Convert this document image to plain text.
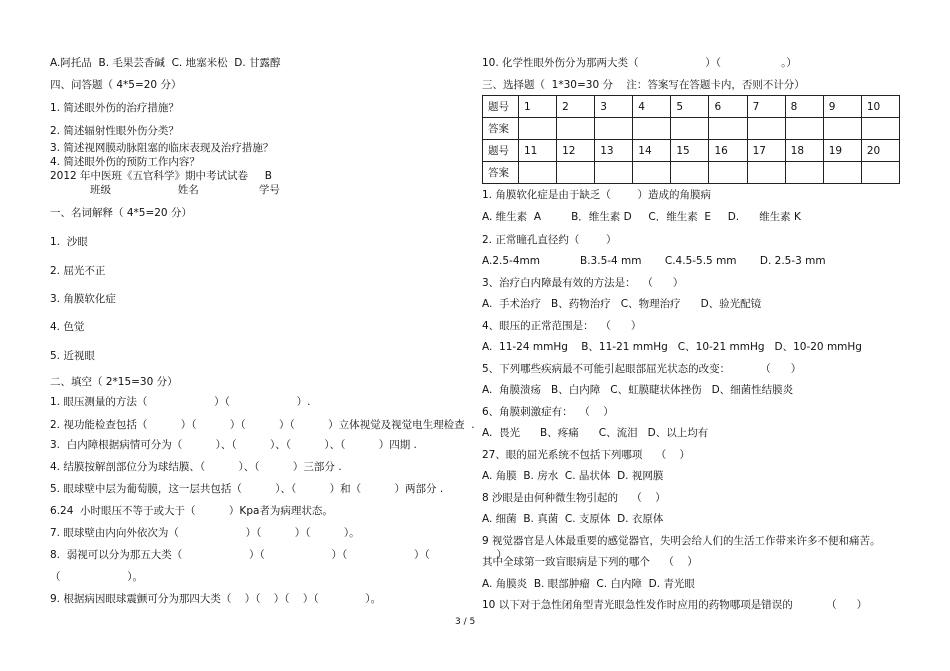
A.阿托品  B. 毛果芸香碱  C. 地塞米松  D. 甘露醇
四、问答题（ 4*5=20 分）
1. 简述眼外伤的治疗措施？
2. 简述辐射性眼外伤分类？
3. 简述视网膜动脉阻塞的临床表现及治疗措施？
4. 简述眼外伤的预防工作内容？
2012 年中医班《五官科学》期中考试试卷     B
班级                    姓名                  学号
一、名词解释（ 4*5=20 分）
1.  沙眼
2. 屈光不正
3. 角膜软化症
4. 色觉
5. 近视眼
二、填空（ 2*15=30 分）
1. 眼压测量的方法（                    ）（                    ）.
2. 视功能检查包括（          ）（          ）（          ）（          ）立体视觉及视觉电生理检查  .
3.  白内障根据病情可分为（          ）、（          ）、（          ）、（          ）四期 .
4. 结膜按解剖部位分为球结膜、（          ）、（          ）三部分 .
5. 眼球壁中层为葡萄膜，这一层共包括（          ）、（          ）和（          ）两部分 .
6.24  小时眼压不等于或大于（          ）Kpa者为病理状态。
7. 眼球壁由内向外依次为（                    ）（          ）（          ）。
8.  弱视可以分为那五大类（                    ）（                    ）（                    ）（                    ）
（                    ）。
9. 根据病因眼球震颤可分为那四大类（    ）（    ）（    ）（              ）。
10. 化学性眼外伤分为那两大类（                    ）（                  。）
三、选择题（  1*30=30 分    注：答案写在答题卡内，否则不计分）
题号	1	2	3	4	5	6	7	8	9	10
答案										
题号	11	12	13	14	15	16	17	18	19	20
答案										
1. 角膜软化症是由于缺乏（        ）造成的角膜病
A. 维生素  A         B．维生素 D     C．维生素  E     D.      维生素 K
2. 正常瞳孔直径约（        ）
A.2.5-4mm            B.3.5-4 mm       C.4.5-5.5 mm       D. 2.5-3 mm
3、治疗白内障最有效的方法是：  （      ）
A.  手术治疗   B、药物治疗   C、物理治疗      D、验光配镜
4、眼压的正常范围是：  （      ）
A.  11-24 mmHg    B、11-21 mmHg   C、10-21 mmHg   D、10-20 mmHg
5、下列哪些疾病最不可能引起眼部屈光状态的改变：         （      ）
A.  角膜溃疡   B、白内障   C、虹膜睫状体挫伤   D、细菌性结膜炎
6、角膜刺激症有：  （    ）
A.  畏光      B、疼痛      C、流泪   D、以上均有
27、眼的屈光系统不包括下列哪项    （    ）
A. 角膜  B. 房水  C. 晶状体  D. 视网膜
8 沙眼是由何种微生物引起的    （    ）
A. 细菌  B. 真菌  C. 支原体  D. 衣原体
9 视觉器官是人体最重要的感觉器官，失明会给人们的生活工作带来许多不便和痛苦。
其中全球第一致盲眼病是下列的哪个    （    ）
A. 角膜炎  B. 眼部肿瘤  C. 白内障  D. 青光眼
10 以下对于急性闭角型青光眼急性发作时应用的药物哪项是错误的          （      ）
3 / 5
